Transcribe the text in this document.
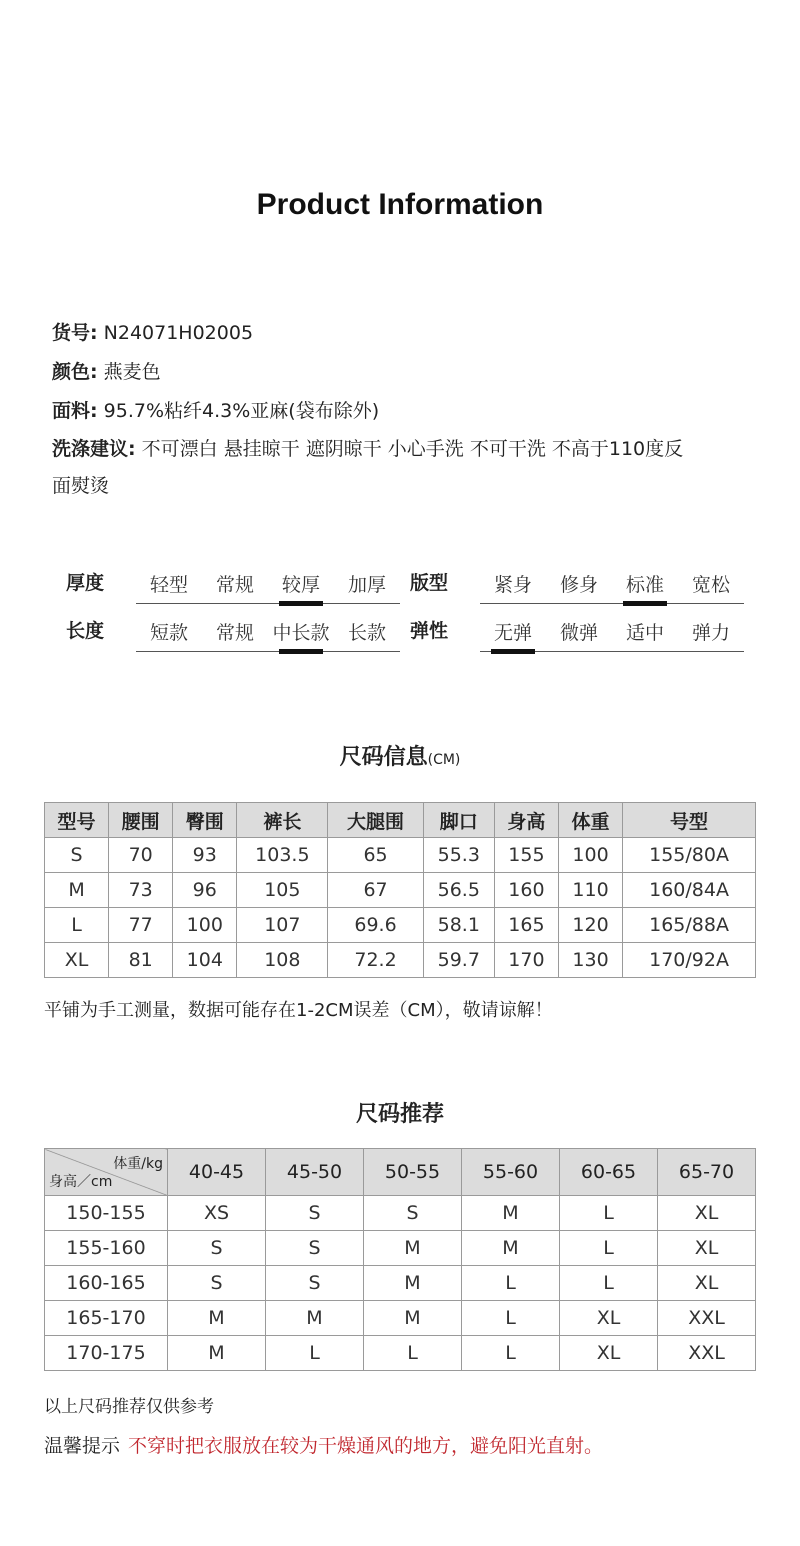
Product Information
货号: N24071H02005
颜色: 燕麦色
面料: 95.7%粘纤4.3%亚麻(袋布除外)
洗涤建议: 不可漂白 悬挂晾干 遮阴晾干 小心手洗 不可干洗 不高于110度反
面熨烫
厚度	轻型	常规	较厚	加厚	版型	紧身	修身	标准	宽松
长度	短款	常规 中长款 长款	弹性	无弹	微弹	适中	弹力
尺码信息(CM)
型号	腰围	臀围	裤长	大腿围	脚口	身高	体重	号型
S	70	93	103.5	65	55.3	155	100	155/80A
M	73	96	105	67	56.5	160	110	160/84A
L	77	100	107	69.6	58.1	165	120	165/88A
XL	81	104	108	72.2	59.7	170	130	170/92A
平铺为手工测量，数据可能存在1-2CM误差（CM），敬请谅解！
尺码推荐
体重/kg
身高／cm	40-45	45-50	50-55	55-60	60-65	65-70
150-155	XS	S	S	M	L	XL
155-160	S	S	M	M	L	XL
160-165	S	S	M	L	L	XL
165-170	M	M	M	L	XL	XXL
170-175	M	L	L	L	XL	XXL
以上尺码推荐仅供参考
温馨提示 不穿时把衣服放在较为干燥通风的地方，避免阳光直射。
